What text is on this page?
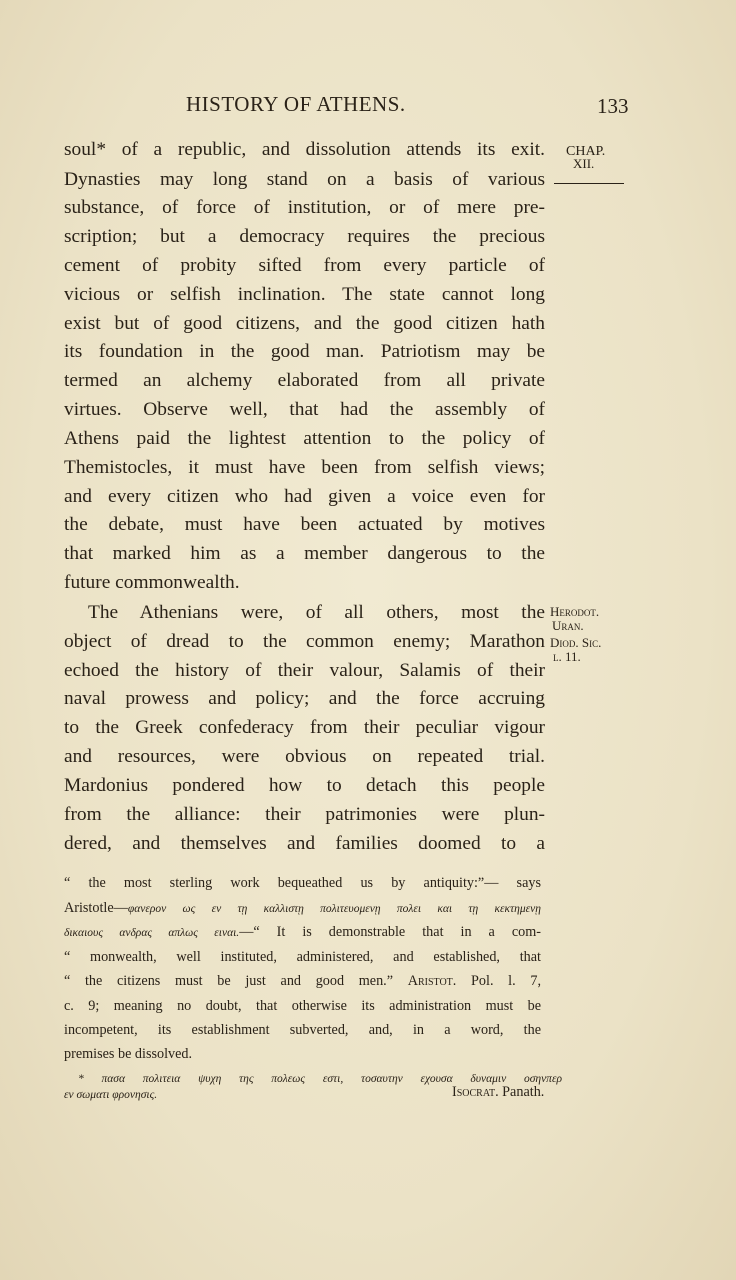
HISTORY OF ATHENS.	133
CHAP.
XII.
Herodot.
Uran.
Diod. Sic.
l. 11.
soul* of a republic, and dissolution attends its exit.
Dynasties may long stand on a basis of various
substance, of force of institution, or of mere pre-
scription; but a democracy requires the precious
cement of probity sifted from every particle of
vicious or selfish inclination. The state cannot long
exist but of good citizens, and the good citizen hath
its foundation in the good man. Patriotism may be
termed an alchemy elaborated from all private
virtues. Observe well, that had the assembly of
Athens paid the lightest attention to the policy of
Themistocles, it must have been from selfish views;
and every citizen who had given a voice even for
the debate, must have been actuated by motives
that marked him as a member dangerous to the
future commonwealth.
The Athenians were, of all others, most the
object of dread to the common enemy; Marathon
echoed the history of their valour, Salamis of their
naval prowess and policy; and the force accruing
to the Greek confederacy from their peculiar vigour
and resources, were obvious on repeated trial.
Mardonius pondered how to detach this people
from the alliance: their patrimonies were plun-
dered, and themselves and families doomed to a
“ the most sterling work bequeathed us by antiquity:”— says
Aristotle—φανερον ως εν τῃ καλλιστῃ πολιτευομενῃ πολει και τῃ κεκτημενῃ
δικαιους ανδρας απλως ειναι.—“ It is demonstrable that in a com-
“ monwealth, well instituted, administered, and established, that
“ the citizens must be just and good men.” Aristot. Pol. l. 7,
c. 9; meaning no doubt, that otherwise its administration must be
incompetent, its establishment subverted, and, in a word, the
premises be dissolved.
* πασα πολιτεια ψυχη της πολεως εστι, τοσαυτην εχουσα δυναμιν οσηνπερ
εν σωματι φρονησις.	Isocrat. Panath.
